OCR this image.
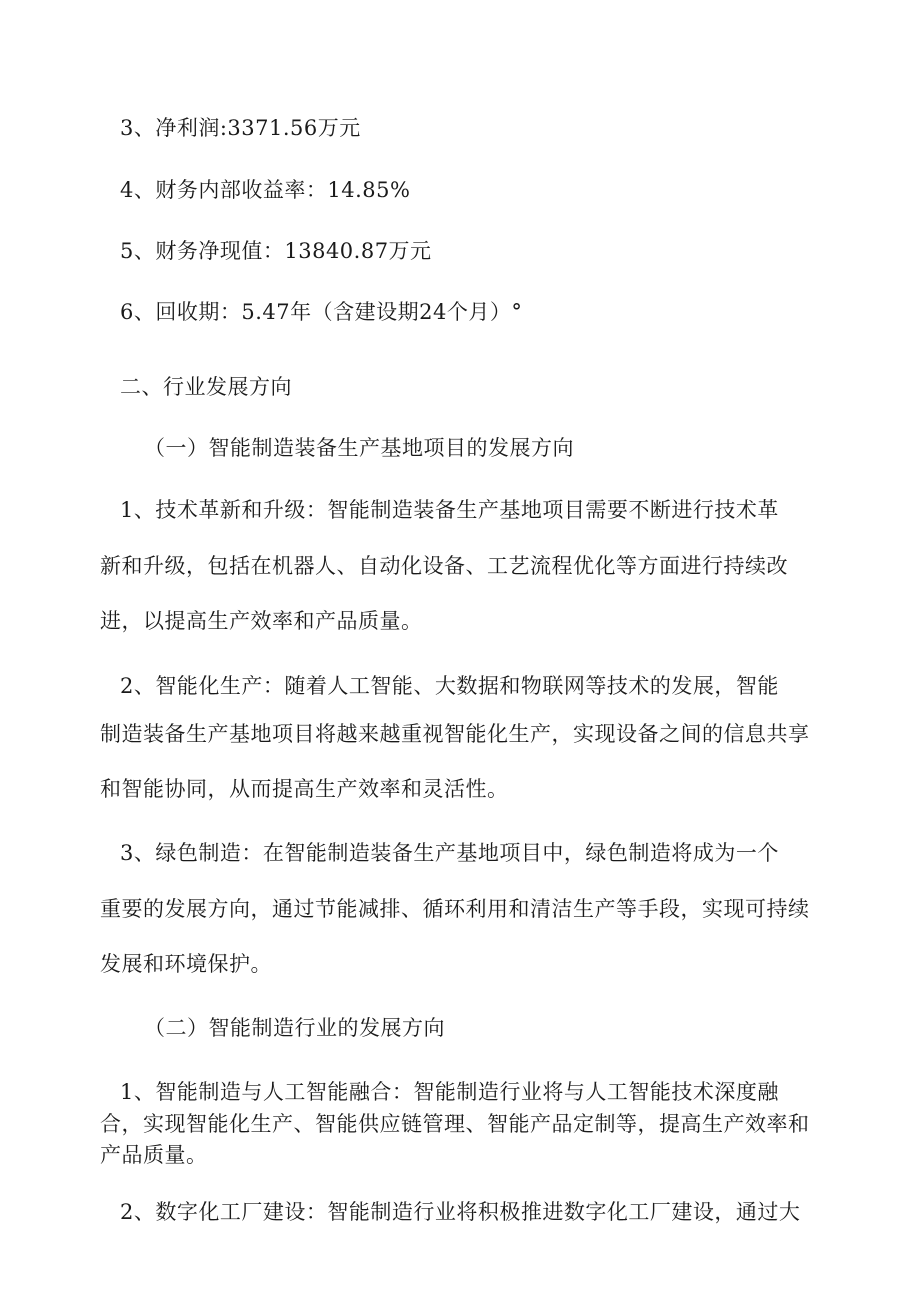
3、净利润:3371.56万元
4、财务内部收益率：14.85%
5、财务净现值：13840.87万元
6、回收期：5.47年（含建设期24个月）°
二、行业发展方向
（一）智能制造装备生产基地项目的发展方向
1、技术革新和升级：智能制造装备生产基地项目需要不断进行技术革
新和升级，包括在机器人、自动化设备、工艺流程优化等方面进行持续改
进，以提高生产效率和产品质量。
2、智能化生产：随着人工智能、大数据和物联网等技术的发展，智能
制造装备生产基地项目将越来越重视智能化生产，实现设备之间的信息共享
和智能协同，从而提高生产效率和灵活性。
3、绿色制造：在智能制造装备生产基地项目中，绿色制造将成为一个
重要的发展方向，通过节能减排、循环利用和清洁生产等手段，实现可持续
发展和环境保护。
（二）智能制造行业的发展方向
1、智能制造与人工智能融合：智能制造行业将与人工智能技术深度融
合，实现智能化生产、智能供应链管理、智能产品定制等，提高生产效率和
产品质量。
2、数字化工厂建设：智能制造行业将积极推进数字化工厂建设，通过大
